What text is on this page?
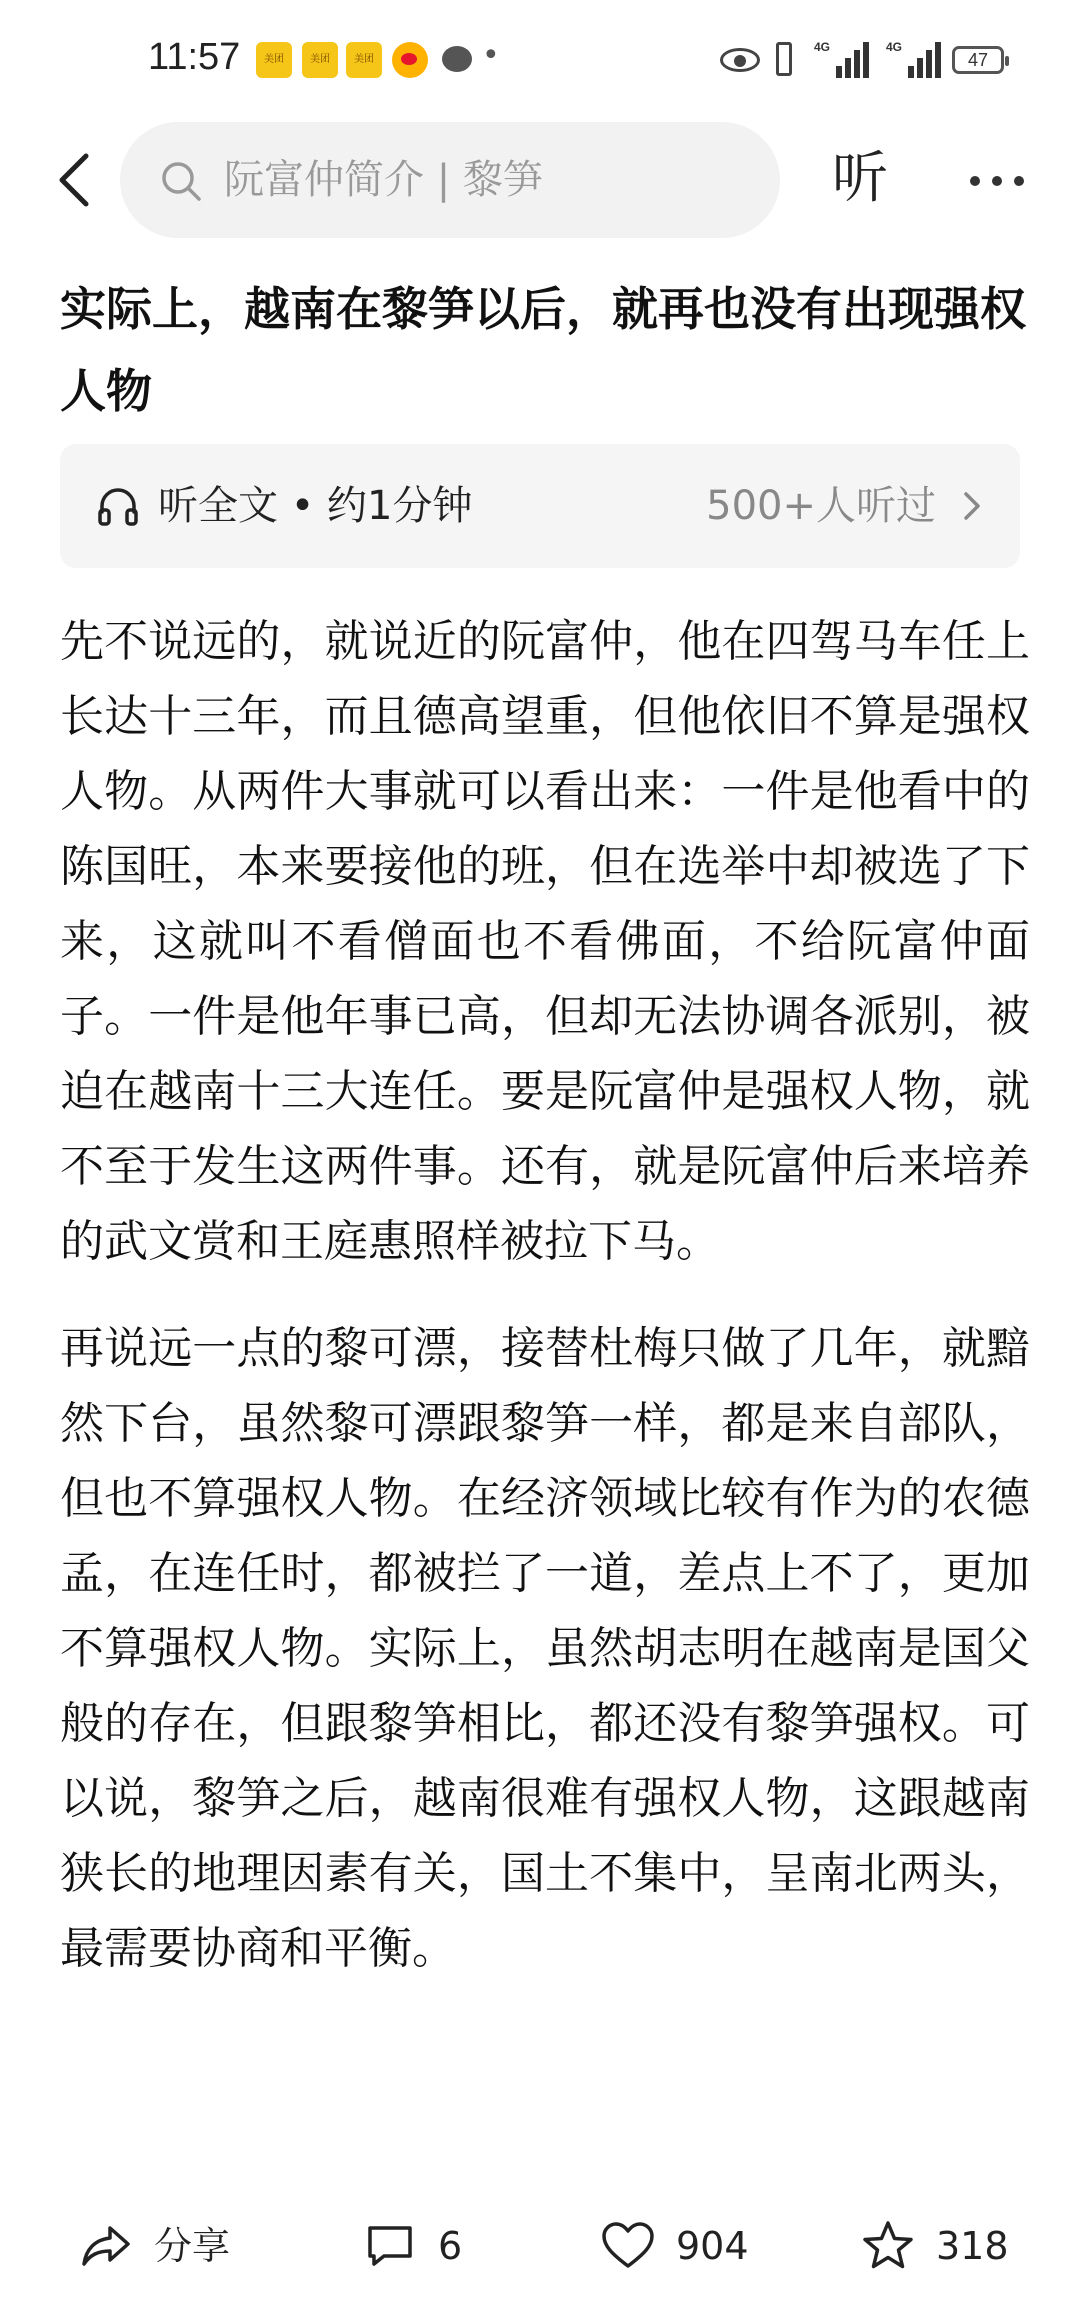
11:57	美团	美团	美团	•	4G	4G
47
阮富仲简介 | 黎笋	听
实际上，越南在黎笋以后，就再也没有出现强权人物
听全文 • 约1分钟	500+人听过

先不说远的，就说近的阮富仲，他在四驾马车任上长达十三年，而且德高望重，但他依旧不算是强权人物。从两件大事就可以看出来：一件是他看中的陈国旺，本来要接他的班，但在选举中却被选了下来，这就叫不看僧面也不看佛面，不给阮富仲面子。一件是他年事已高，但却无法协调各派别，被迫在越南十三大连任。要是阮富仲是强权人物，就不至于发生这两件事。还有，就是阮富仲后来培养的武文赏和王庭惠照样被拉下马。

再说远一点的黎可漂，接替杜梅只做了几年，就黯然下台，虽然黎可漂跟黎笋一样，都是来自部队，但也不算强权人物。在经济领域比较有作为的农德孟，在连任时，都被拦了一道，差点上不了，更加不算强权人物。实际上，虽然胡志明在越南是国父般的存在，但跟黎笋相比，都还没有黎笋强权。可以说，黎笋之后，越南很难有强权人物，这跟越南狭长的地理因素有关，国土不集中，呈南北两头，最需要协商和平衡。

分享	6	904	318
